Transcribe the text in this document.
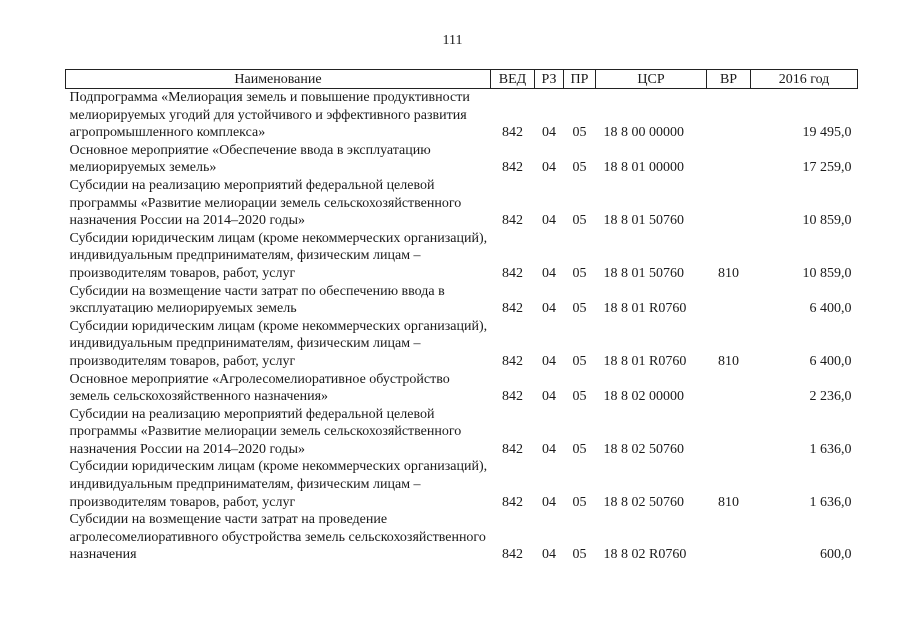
111
Наименование	ВЕД	РЗ	ПР	ЦСР	ВР	2016 год
Подпрограмма «Мелиорация земель и повышение продуктивности мелиорируемых угодий для устойчивого и эффективного развития агропромышленного комплекса»	842	04	05	18 8 00 00000		19 495,0
Основное мероприятие «Обеспечение ввода в эксплуатацию мелиорируемых земель»	842	04	05	18 8 01 00000		17 259,0
Субсидии на реализацию мероприятий федеральной целевой программы «Развитие мелиорации земель сельскохозяйственного назначения России на 2014–2020 годы»	842	04	05	18 8 01 50760		10 859,0
Субсидии юридическим лицам (кроме некоммерческих организаций), индивидуальным предпринимателям, физическим лицам – производителям товаров, работ, услуг	842	04	05	18 8 01 50760	810	10 859,0
Субсидии на возмещение части затрат по обеспечению ввода в эксплуатацию мелиорируемых земель	842	04	05	18 8 01 R0760		6 400,0
Субсидии юридическим лицам (кроме некоммерческих организаций), индивидуальным предпринимателям, физическим лицам – производителям товаров, работ, услуг	842	04	05	18 8 01 R0760	810	6 400,0
Основное мероприятие «Агролесомелиоративное обустройство земель сельскохозяйственного назначения»	842	04	05	18 8 02 00000		2 236,0
Субсидии на реализацию мероприятий федеральной целевой программы «Развитие мелиорации земель сельскохозяйственного назначения России на 2014–2020 годы»	842	04	05	18 8 02 50760		1 636,0
Субсидии юридическим лицам (кроме некоммерческих организаций), индивидуальным предпринимателям, физическим лицам – производителям товаров, работ, услуг	842	04	05	18 8 02 50760	810	1 636,0
Субсидии на возмещение части затрат на проведение агролесомелиоративного обустройства земель сельскохозяйственного назначения	842	04	05	18 8 02 R0760		600,0
